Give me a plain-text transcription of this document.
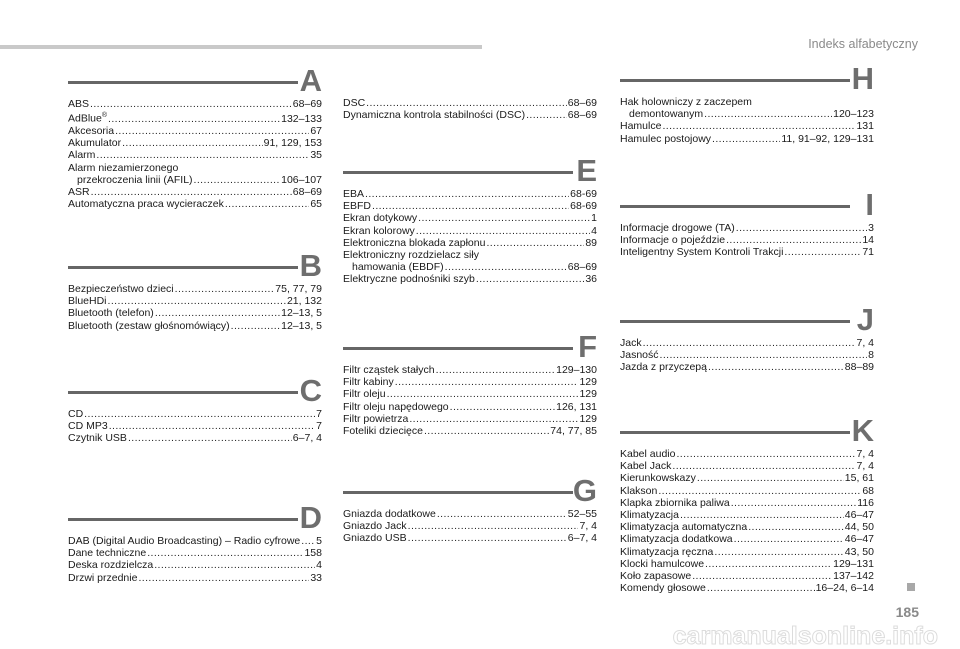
Indeks alfabetyczny
A
ABS .....	68–69
AdBlue® .....	132–133
Akcesoria .....	67
Akumulator .....	91, 129, 153
Alarm .....	35
Alarm niezamierzonego
przekroczenia linii (AFIL) .....	106–107
ASR .....	68–69
Automatyczna praca wycieraczek .....	65
B
Bezpieczeństwo dzieci .....	75, 77, 79
BlueHDi .....	21, 132
Bluetooth (telefon) .....	12–13, 5
Bluetooth (zestaw głośnomówiący) .....	12–13, 5
C
CD .....	7
CD MP3 .....	7
Czytnik USB .....	6–7, 4
D
DAB (Digital Audio Broadcasting) – Radio cyfrowe ..... 5
Dane techniczne .....	158
Deska rozdzielcza .....	4
Drzwi przednie .....	33
DSC .....	68–69
Dynamiczna kontrola stabilności (DSC) .....	68–69
E
EBA .....	68-69
EBFD .....	68-69
Ekran dotykowy .....	1
Ekran kolorowy .....	4
Elektroniczna blokada zapłonu .....	89
Elektroniczny rozdzielacz siły
hamowania (EBDF) .....	68–69
Elektryczne podnośniki szyb .....	36
F
Filtr cząstek stałych .....	129–130
Filtr kabiny .....	129
Filtr oleju .....	129
Filtr oleju napędowego .....	126, 131
Filtr powietrza .....	129
Foteliki dziecięce .....	74, 77, 85
G
Gniazda dodatkowe .....	52–55
Gniazdo Jack .....	7, 4
Gniazdo USB .....	6–7, 4
H
Hak holowniczy z zaczepem
demontowanym .....	120–123
Hamulce .....	131
Hamulec postojowy .....	11, 91–92, 129–131
I
Informacje drogowe (TA) .....	3
Informacje o pojeździe .....	14
Inteligentny System Kontroli Trakcji .....	71
J
Jack .....	7, 4
Jasność .....	8
Jazda z przyczepą .....	88–89
K
Kabel audio .....	7, 4
Kabel Jack .....	7, 4
Kierunkowskazy .....	15, 61
Klakson .....	68
Klapka zbiornika paliwa .....	116
Klimatyzacja .....	46–47
Klimatyzacja automatyczna .....	44, 50
Klimatyzacja dodatkowa .....	46–47
Klimatyzacja ręczna .....	43, 50
Klocki hamulcowe .....	129–131
Koło zapasowe .....	137–142
Komendy głosowe .....	16–24, 6–14
185
carmanualsonline.info
